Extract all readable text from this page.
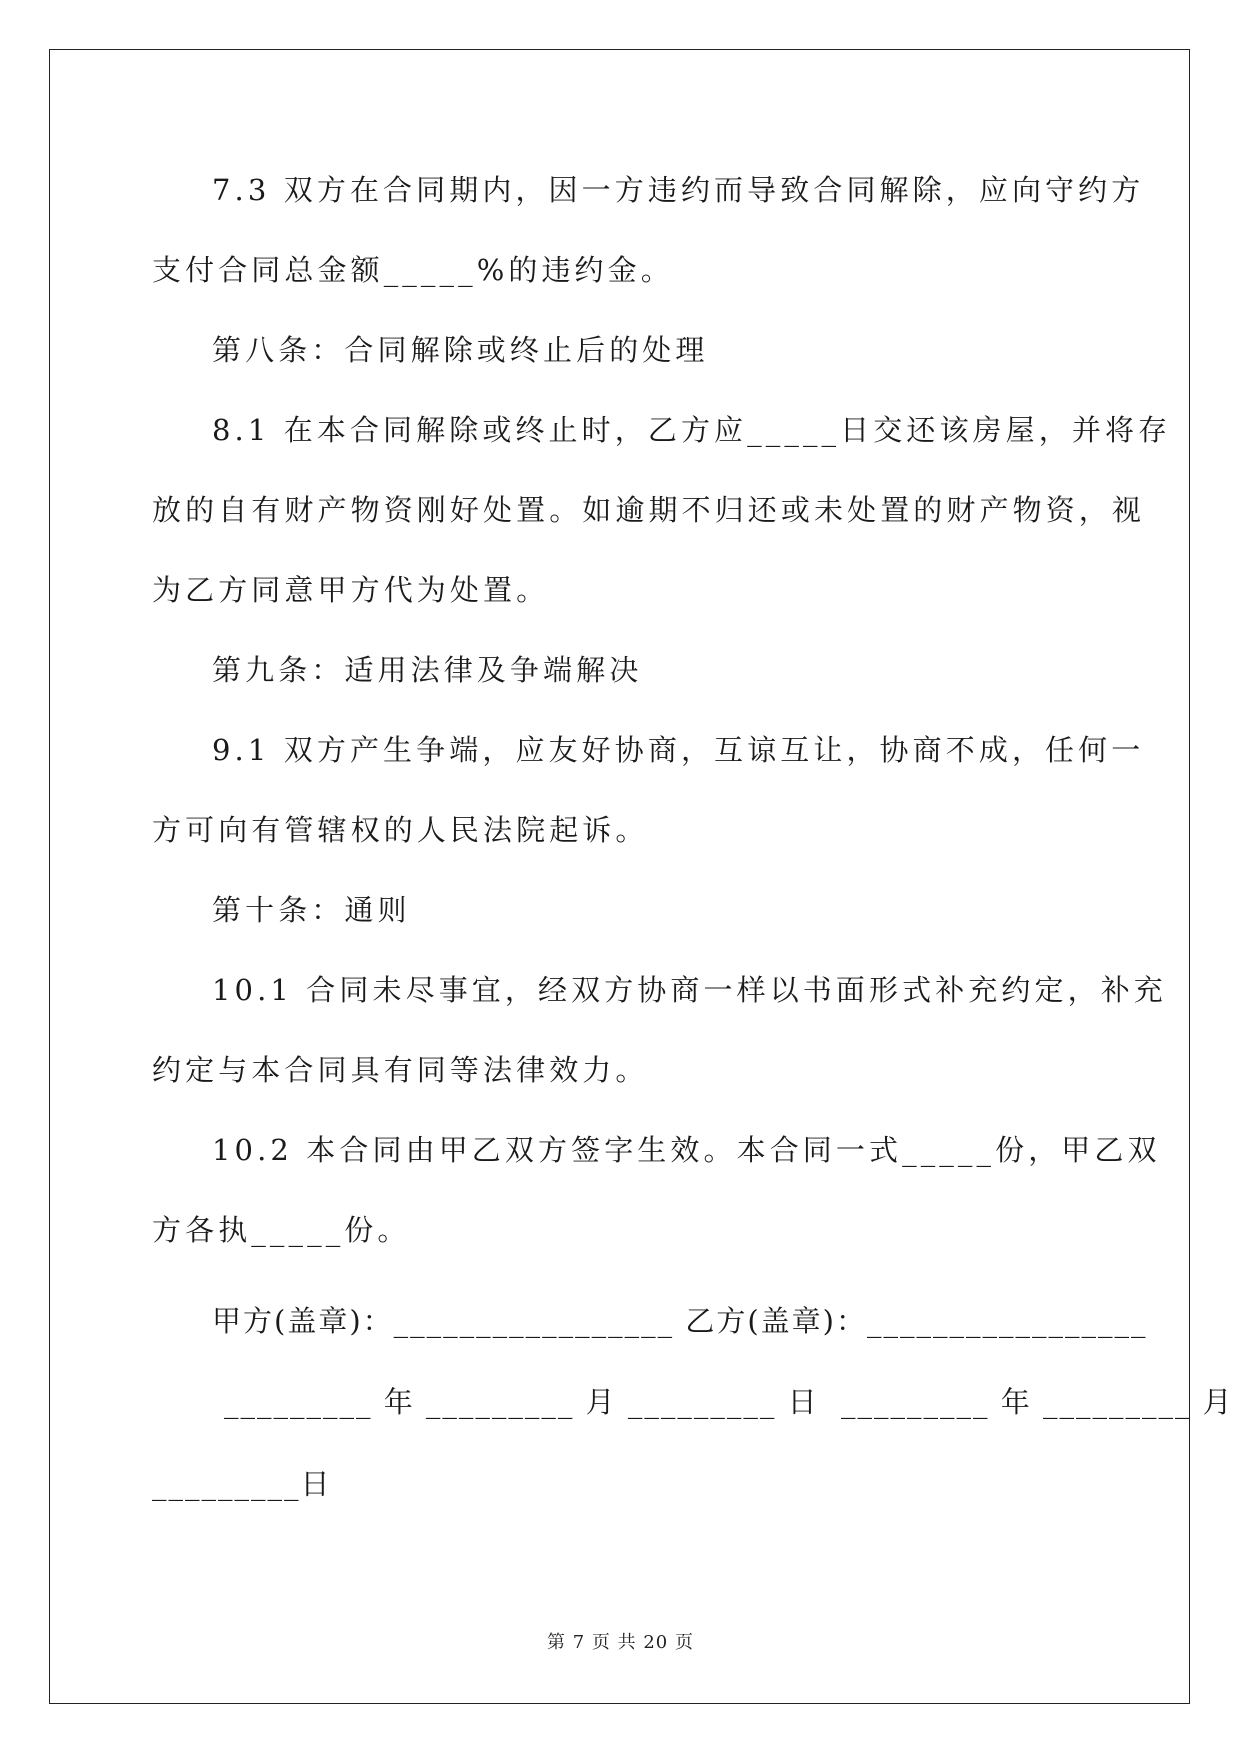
7.3 双方在合同期内，因一方违约而导致合同解除，应向守约方
支付合同总金额_____%的违约金。
第八条：合同解除或终止后的处理
8.1 在本合同解除或终止时，乙方应_____日交还该房屋，并将存
放的自有财产物资刚好处置。如逾期不归还或未处置的财产物资，视
为乙方同意甲方代为处置。
第九条：适用法律及争端解决
9.1 双方产生争端，应友好协商，互谅互让，协商不成，任何一
方可向有管辖权的人民法院起诉。
第十条：通则
10.1 合同未尽事宜，经双方协商一样以书面形式补充约定，补充
约定与本合同具有同等法律效力。
10.2 本合同由甲乙双方签字生效。本合同一式_____份，甲乙双
方各执_____份。
甲方(盖章)：_________________ 乙方(盖章)：_________________
_________ 年 _________ 月 _________ 日  _________ 年 _________ 月
_________日
第 7 页 共 20 页
